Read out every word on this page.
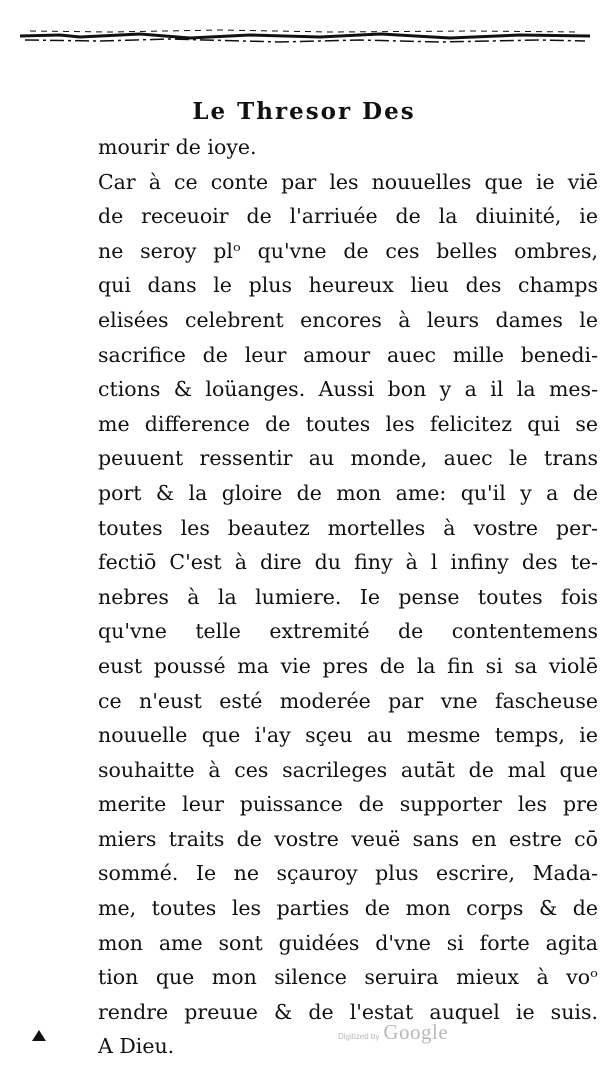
Le Thresor Des
mourir de ioye.
Car à ce conte par les nouuelles que ie viē
de receuoir de l'arriuée de la diuinité, ie
ne seroy plᵒ qu'vne de ces belles ombres,
qui dans le plus heureux lieu des champs
elisées celebrent encores à leurs dames le
sacrifice de leur amour auec mille benedi-
ctions & loüanges. Aussi bon y a il la mes-
me difference de toutes les felicitez qui se
peuuent ressentir au monde, auec le trans
port & la gloire de mon ame: qu'il y a de
toutes les beautez mortelles à vostre per-
fectiō C'est à dire du finy à l infiny des te-
nebres à la lumiere. Ie pense toutes fois
qu'vne telle extremité de contentemens
eust poussé ma vie pres de la fin si sa violē
ce n'eust esté moderée par vne fascheuse
nouuelle que i'ay sçeu au mesme temps, ie
souhaitte à ces sacrileges autāt de mal que
merite leur puissance de supporter les pre
miers traits de vostre veuë sans en estre cō
sommé. Ie ne sçauroy plus escrire, Mada-
me, toutes les parties de mon corps & de
mon ame sont guidées d'vne si forte agita
tion que mon silence seruira mieux à voᵒ
rendre preuue & de l'estat auquel ie suis.
A Dieu.	Digitized by Google
